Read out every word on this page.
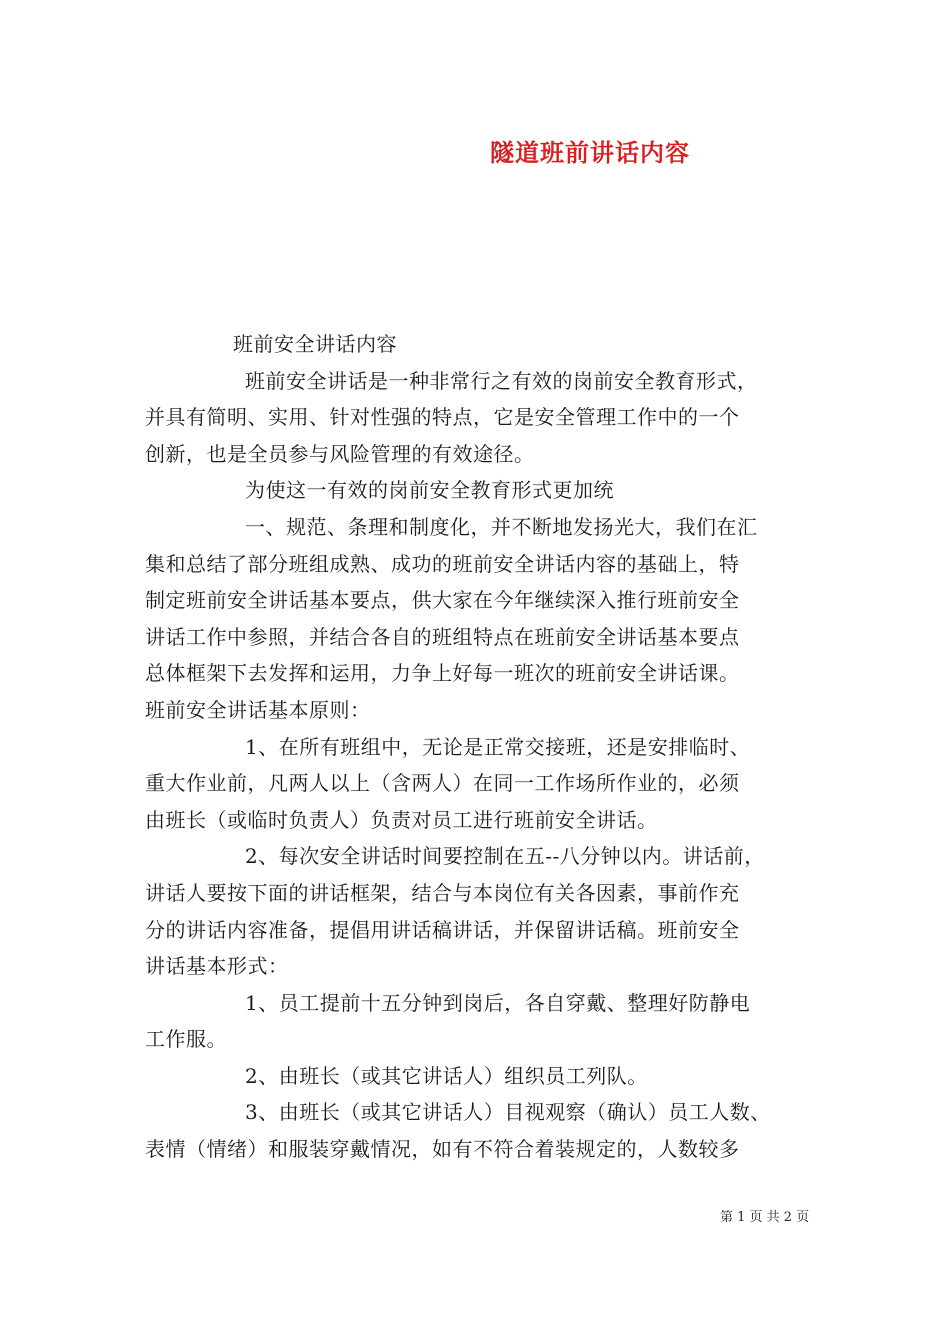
隧道班前讲话内容
班前安全讲话内容
班前安全讲话是一种非常行之有效的岗前安全教育形式，
并具有简明、实用、针对性强的特点，它是安全管理工作中的一个
创新，也是全员参与风险管理的有效途径。
为使这一有效的岗前安全教育形式更加统
一、规范、条理和制度化，并不断地发扬光大，我们在汇
集和总结了部分班组成熟、成功的班前安全讲话内容的基础上，特
制定班前安全讲话基本要点，供大家在今年继续深入推行班前安全
讲话工作中参照，并结合各自的班组特点在班前安全讲话基本要点
总体框架下去发挥和运用，力争上好每一班次的班前安全讲话课。
班前安全讲话基本原则：
1、在所有班组中，无论是正常交接班，还是安排临时、
重大作业前，凡两人以上（含两人）在同一工作场所作业的，必须
由班长（或临时负责人）负责对员工进行班前安全讲话。
2、每次安全讲话时间要控制在五--八分钟以内。讲话前，
讲话人要按下面的讲话框架，结合与本岗位有关各因素，事前作充
分的讲话内容准备，提倡用讲话稿讲话，并保留讲话稿。班前安全
讲话基本形式：
1、员工提前十五分钟到岗后，各自穿戴、整理好防静电
工作服。
2、由班长（或其它讲话人）组织员工列队。
3、由班长（或其它讲话人）目视观察（确认）员工人数、
表情（情绪）和服装穿戴情况，如有不符合着装规定的，人数较多
第 1 页 共 2 页
